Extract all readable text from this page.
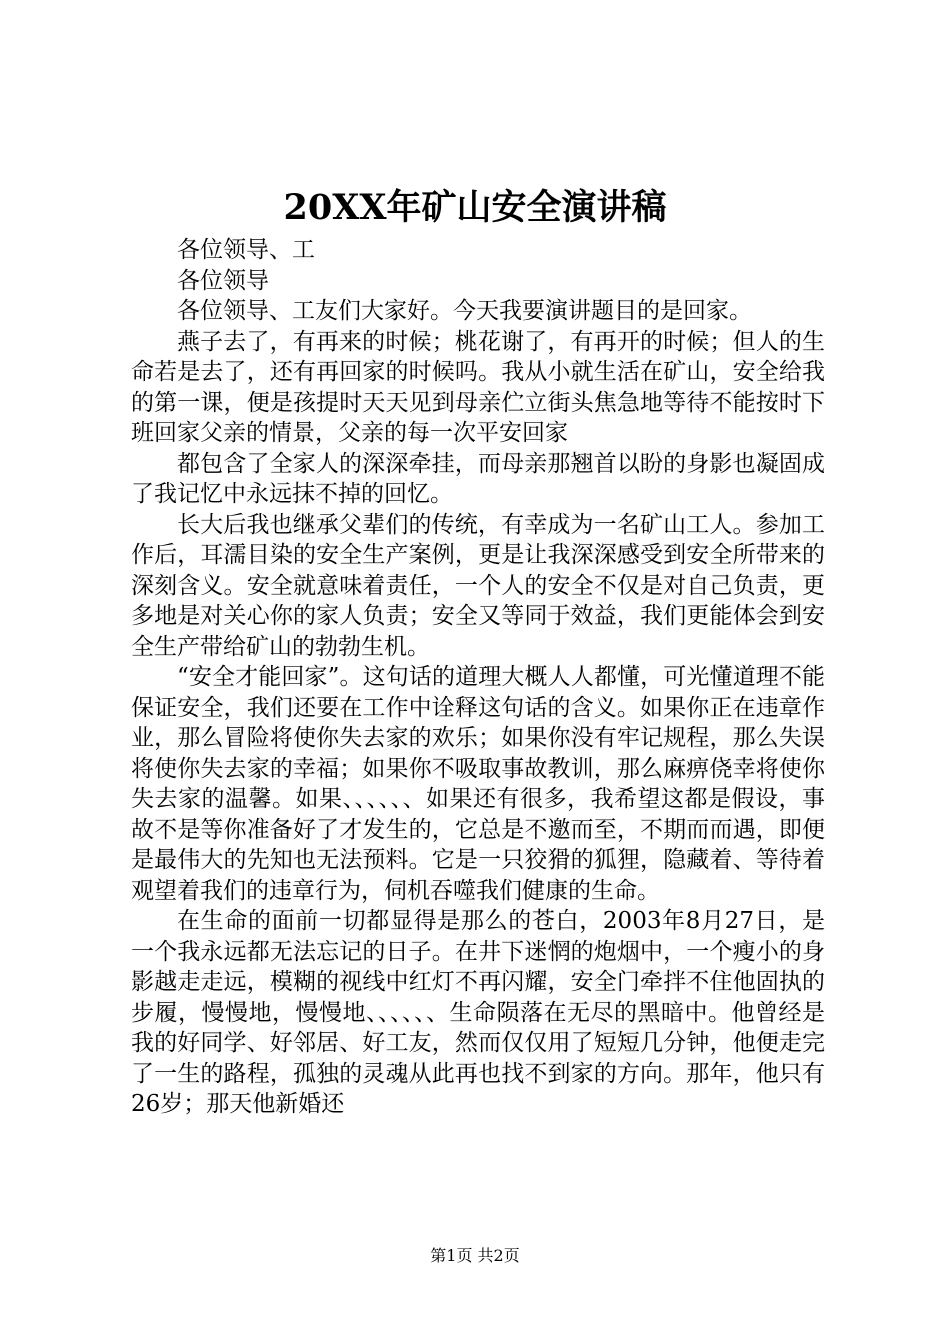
20XX年矿山安全演讲稿

各位领导、工

各位领导

各位领导、工友们大家好。今天我要演讲题目的是回家。

燕子去了，有再来的时候；桃花谢了，有再开的时候；但人的生命若是去了，还有再回家的时候吗。我从小就生活在矿山，安全给我的第一课，便是孩提时天天见到母亲伫立街头焦急地等待不能按时下班回家父亲的情景，父亲的每一次平安回家

都包含了全家人的深深牵挂，而母亲那翘首以盼的身影也凝固成了我记忆中永远抹不掉的回忆。

长大后我也继承父辈们的传统，有幸成为一名矿山工人。参加工作后，耳濡目染的安全生产案例，更是让我深深感受到安全所带来的深刻含义。安全就意味着责任，一个人的安全不仅是对自己负责，更多地是对关心你的家人负责；安全又等同于效益，我们更能体会到安全生产带给矿山的勃勃生机。

“安全才能回家”。这句话的道理大概人人都懂，可光懂道理不能保证安全，我们还要在工作中诠释这句话的含义。如果你正在违章作业，那么冒险将使你失去家的欢乐；如果你没有牢记规程，那么失误将使你失去家的幸福；如果你不吸取事故教训，那么麻痹侥幸将使你失去家的温馨。如果、、、、、、如果还有很多，我希望这都是假设，事故不是等你准备好了才发生的，它总是不邀而至，不期而而遇，即便是最伟大的先知也无法预料。它是一只狡猾的狐狸，隐藏着、等待着观望着我们的违章行为，伺机吞噬我们健康的生命。

在生命的面前一切都显得是那么的苍白，2003年8月27日，是一个我永远都无法忘记的日子。在井下迷惘的炮烟中，一个瘦小的身影越走走远，模糊的视线中红灯不再闪耀，安全门牵拌不住他固执的步履，慢慢地，慢慢地、、、、、、生命陨落在无尽的黑暗中。他曾经是我的好同学、好邻居、好工友，然而仅仅用了短短几分钟，他便走完了一生的路程，孤独的灵魂从此再也找不到家的方向。那年，他只有26岁；那天他新婚还

第1页 共2页
